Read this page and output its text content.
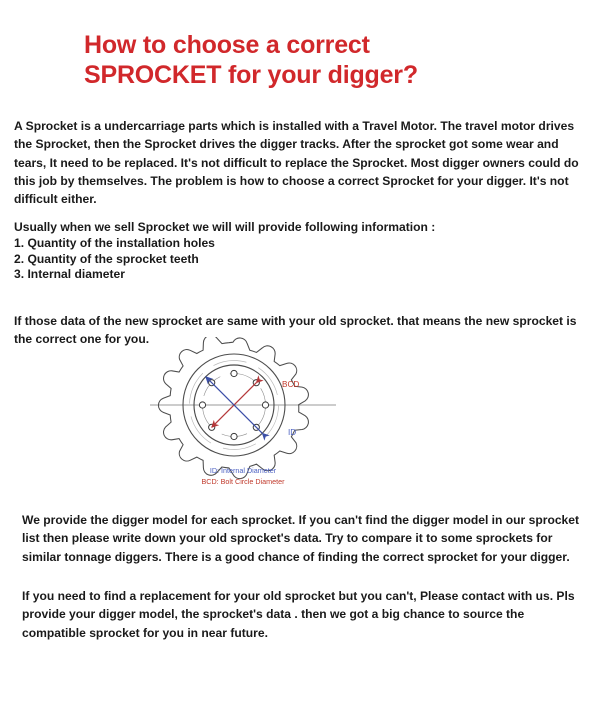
How to choose a correct
SPROCKET for your digger?

A Sprocket is a undercarriage parts which is installed with a Travel Motor. The travel motor drives the Sprocket, then the Sprocket drives the digger tracks. After the sprocket got some wear and tears, It need to be replaced. It's not difficult to replace the Sprocket. Most digger owners could do this job by themselves. The problem is how to choose a correct Sprocket for your digger. It's not difficult either.

Usually when we sell Sprocket we will will provide following information :

1. Quantity of the installation holes
2. Quantity of the sprocket teeth
3. Internal diameter

If those data of the new sprocket are same with your old sprocket. that means the new sprocket is the correct one for you.

BCD
ID
ID: Internal Diameter
BCD: Bolt Circle Diameter

We provide the digger model for each sprocket. If you can't find the digger model in our sprocket list then please write down your old sprocket's data. Try to compare it to some sprockets for similar tonnage diggers. There is a good chance of finding the correct sprocket for your digger.

If you need to find a replacement for your old sprocket but you can't, Please contact with us. Pls provide your digger model, the sprocket's data . then we got a big chance to source the compatible sprocket for you in near future.
